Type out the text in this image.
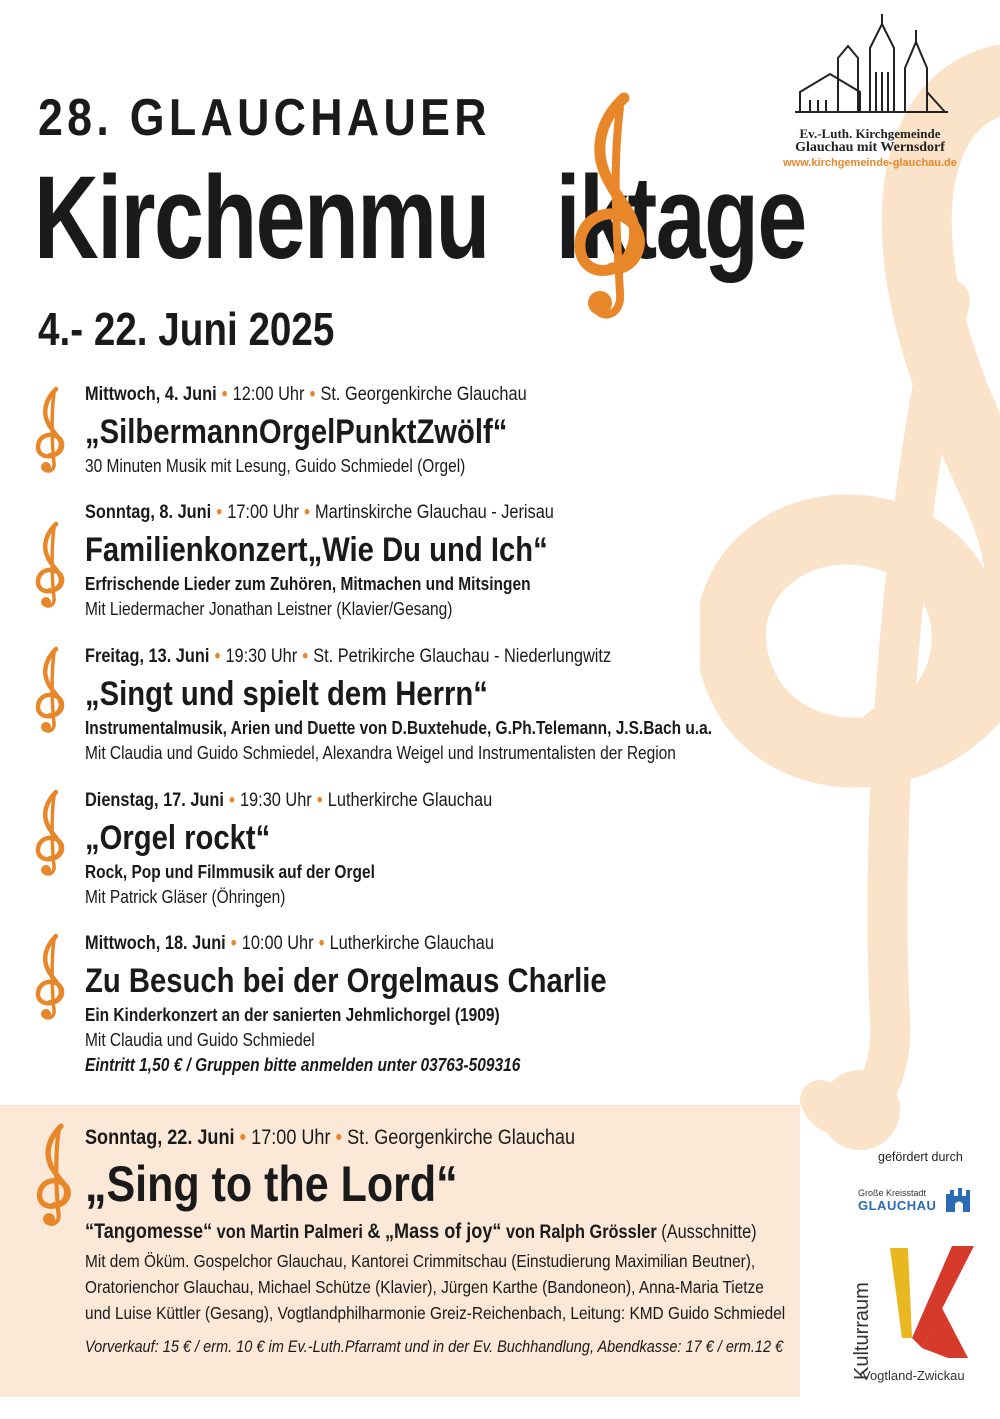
28. GLAUCHAUER
Kirchenmu iktage
4.- 22. Juni 2025
Ev.-Luth. Kirchgemeinde
Glauchau mit Wernsdorf
www.kirchgemeinde-glauchau.de
Mittwoch, 4. Juni • 12:00 Uhr • St. Georgenkirche Glauchau
„SilbermannOrgelPunktZwölf“
30 Minuten Musik mit Lesung, Guido Schmiedel (Orgel)
Sonntag, 8. Juni • 17:00 Uhr • Martinskirche Glauchau - Jerisau
Familienkonzert„Wie Du und Ich“
Erfrischende Lieder zum Zuhören, Mitmachen und Mitsingen
Mit Liedermacher Jonathan Leistner (Klavier/Gesang)
Freitag, 13. Juni • 19:30 Uhr • St. Petrikirche Glauchau - Niederlungwitz
„Singt und spielt dem Herrn“
Instrumentalmusik, Arien und Duette von D.Buxtehude, G.Ph.Telemann, J.S.Bach u.a.
Mit Claudia und Guido Schmiedel, Alexandra Weigel und Instrumentalisten der Region
Dienstag, 17. Juni • 19:30 Uhr • Lutherkirche Glauchau
„Orgel rockt“
Rock, Pop und Filmmusik auf der Orgel
Mit Patrick Gläser (Öhringen)
Mittwoch, 18. Juni • 10:00 Uhr • Lutherkirche Glauchau
Zu Besuch bei der Orgelmaus Charlie
Ein Kinderkonzert an der sanierten Jehmlichorgel (1909)
Mit Claudia und Guido Schmiedel
Eintritt 1,50 € / Gruppen bitte anmelden unter 03763-509316
Sonntag, 22. Juni • 17:00 Uhr • St. Georgenkirche Glauchau
„Sing to the Lord“
“Tangomesse“ von Martin Palmeri & „Mass of joy“ von Ralph Grössler (Ausschnitte)
Mit dem Öküm. Gospelchor Glauchau, Kantorei Crimmitschau (Einstudierung Maximilian Beutner),
Oratorienchor Glauchau, Michael Schütze (Klavier), Jürgen Karthe (Bandoneon), Anna-Maria Tietze
und Luise Küttler (Gesang), Vogtlandphilharmonie Greiz-Reichenbach, Leitung: KMD Guido Schmiedel
Vorverkauf: 15 € / erm. 10 € im Ev.-Luth.Pfarramt und in der Ev. Buchhandlung, Abendkasse: 17 € / erm.12 €
gefördert durch
Große Kreisstadt
GLAUCHAU
Kulturraum
Vogtland-Zwickau
